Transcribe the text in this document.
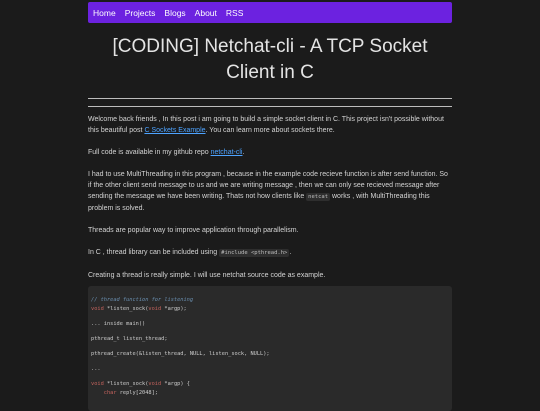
Home Projects Blogs About RSS
[CODING] Netchat-cli - A TCP Socket Client in C

Welcome back friends , In this post i am going to build a simple socket client in C. This project isn't possible without this beautiful post C Sockets Example. You can learn more about sockets there.

Full code is available in my github repo netchat-cli.

I had to use MultiThreading in this program , because in the example code recieve function is after send function. So if the other client send message to us and we are writing message , then we can only see recieved message after sending the message we have been writing. Thats not how clients like netcat works , with MultiThreading this problem is solved.

Threads are popular way to improve application through parallelism.

In C , thread library can be included using #include <pthread.h> .

Creating a thread is really simple. I will use netchat source code as example.

// thread function for listening
void *listen_sock(void *argp);
... inside main()
pthread_t listen_thread;
pthread_create(&listen_thread, NULL, listen_sock, NULL);
...
void *listen_sock(void *argp) {
char reply[2048];
